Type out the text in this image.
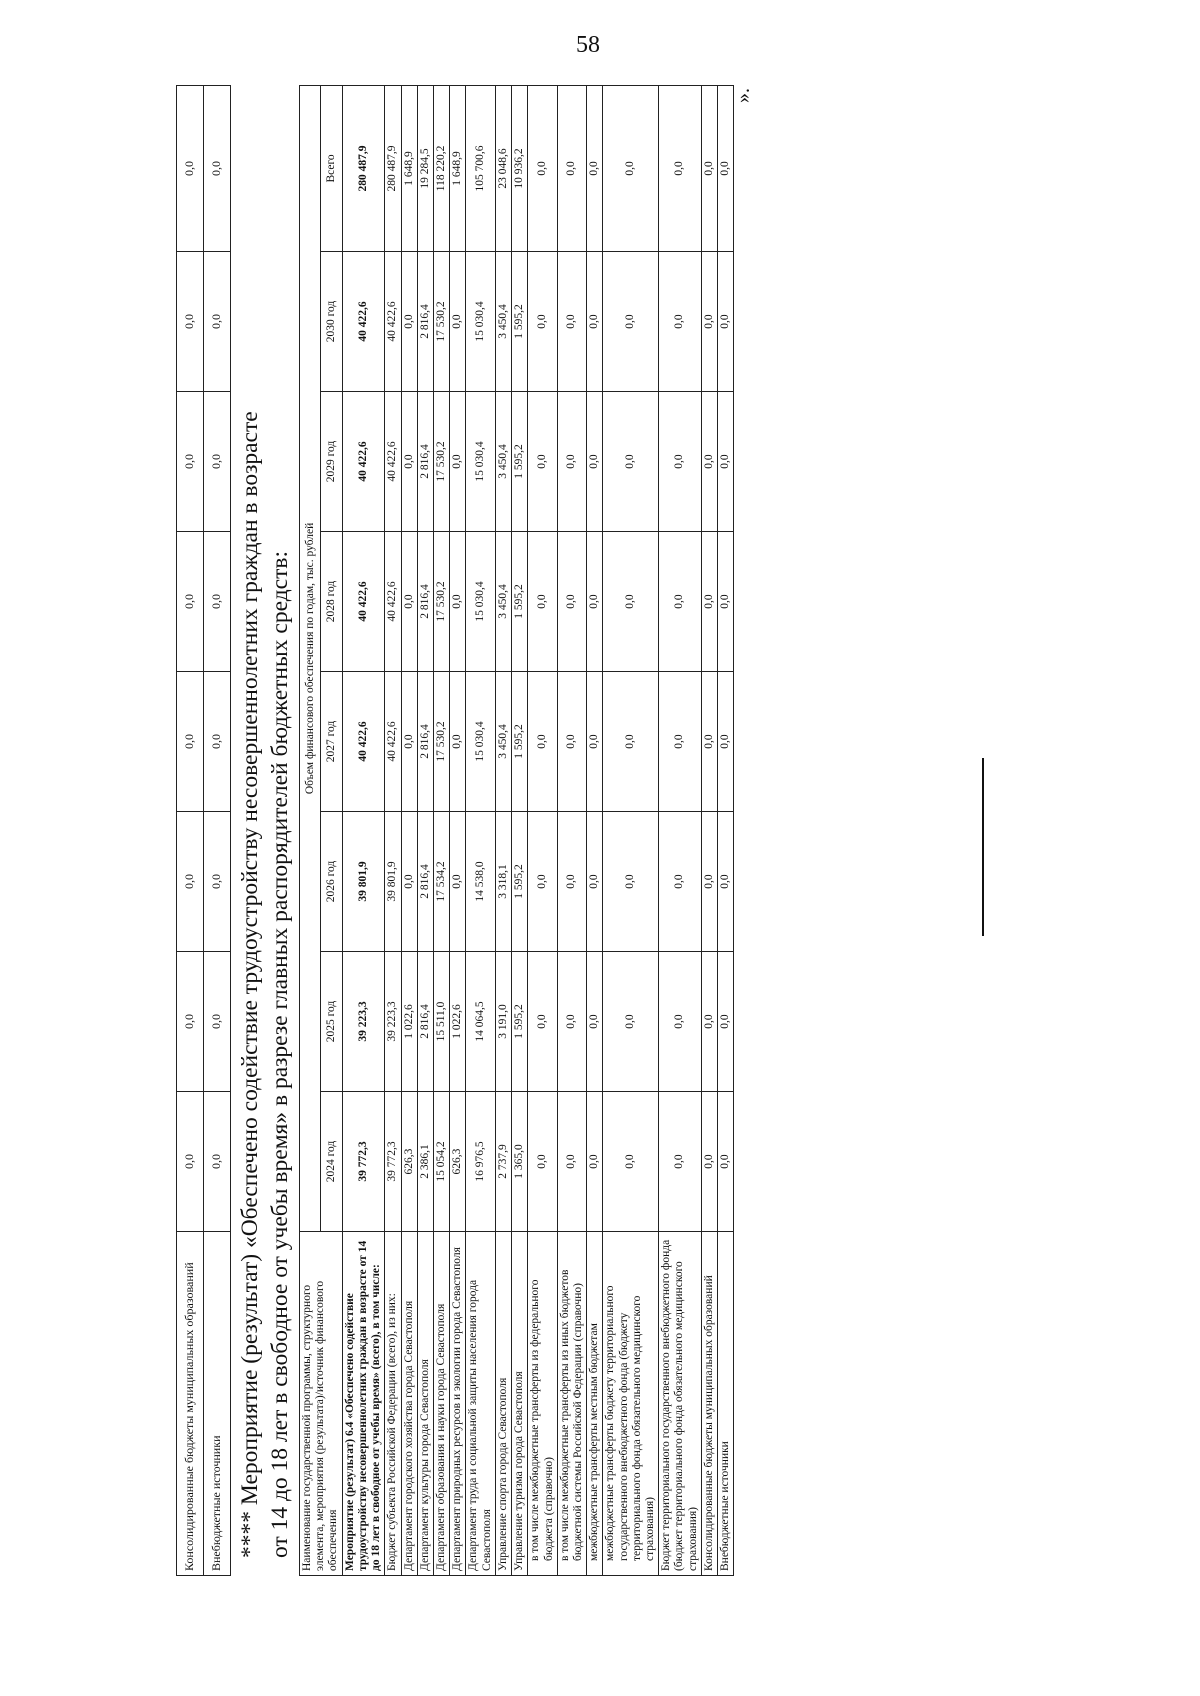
58
Консолидированные бюджеты муниципальных образований	0,0	0,0	0,0	0,0	0,0	0,0	0,0	0,0
Внебюджетные источники	0,0	0,0	0,0	0,0	0,0	0,0	0,0	0,0
**** Мероприятие (результат) «Обеспечено содействие трудоустройству несовершеннолетних граждан в возрасте от 14 до 18 лет в свободное от учебы время» в разрезе главных распорядителей бюджетных средств: Наименование государственной программы, структурного элемента, мероприятия (результата)/источник финансового обеспечения	Объем финансового обеспечения по годам, тыс. рублей							
	2024 год	2025 год	2026 год	2027 год	2028 год	2029 год	2030 год	Всего
Мероприятие (результат) 6.4 «Обеспечено содействие трудоустройству несовершеннолетних граждан в возрасте от 14 до 18 лет в свободное от учебы время» (всего), в том числе:	39 772,3	39 223,3	39 801,9	40 422,6	40 422,6	40 422,6	40 422,6	280 487,9
Бюджет субъекта Российской Федерации (всего), из них:	39 772,3	39 223,3	39 801,9	40 422,6	40 422,6	40 422,6	40 422,6	280 487,9
Департамент городского хозяйства города Севастополя	626,3	1 022,6	0,0	0,0	0,0	0,0	0,0	1 648,9
Департамент культуры города Севастополя	2 386,1	2 816,4	2 816,4	2 816,4	2 816,4	2 816,4	2 816,4	19 284,5
Департамент образования и науки города Севастополя	15 054,2	15 511,0	17 534,2	17 530,2	17 530,2	17 530,2	17 530,2	118 220,2
Департамент природных ресурсов и экологии города Севастополя	626,3	1 022,6	0,0	0,0	0,0	0,0	0,0	1 648,9
Департамент труда и социальной защиты населения города Севастополя	16 976,5	14 064,5	14 538,0	15 030,4	15 030,4	15 030,4	15 030,4	105 700,6
Управление спорта города Севастополя	2 737,9	3 191,0	3 318,1	3 450,4	3 450,4	3 450,4	3 450,4	23 048,6
Управление туризма города Севастополя	1 365,0	1 595,2	1 595,2	1 595,2	1 595,2	1 595,2	1 595,2	10 936,2
в том числе межбюджетные трансферты из федерального бюджета (справочно)	0,0	0,0	0,0	0,0	0,0	0,0	0,0	0,0
в том числе межбюджетные трансферты из иных бюджетов бюджетной системы Российской Федерации (справочно)	0,0	0,0	0,0	0,0	0,0	0,0	0,0	0,0
межбюджетные трансферты местным бюджетам	0,0	0,0	0,0	0,0	0,0	0,0	0,0	0,0
межбюджетные трансферты бюджету территориального государственного внебюджетного фонда (бюджету территориального фонда обязательного медицинского страхования)	0,0	0,0	0,0	0,0	0,0	0,0	0,0	0,0
Бюджет территориального государственного внебюджетного фонда (бюджет территориального фонда обязательного медицинского страхования)	0,0	0,0	0,0	0,0	0,0	0,0	0,0	0,0
Консолидированные бюджеты муниципальных образований	0,0	0,0	0,0	0,0	0,0	0,0	0,0	0,0
Внебюджетные источники	0,0	0,0	0,0	0,0	0,0	0,0	0,0	0,0
».
